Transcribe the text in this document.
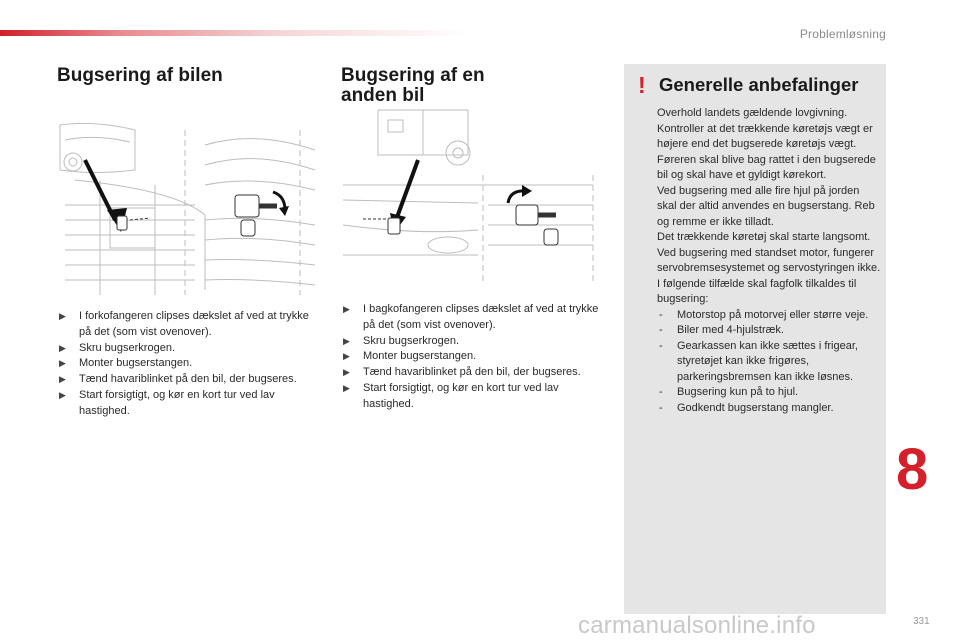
Problemløsning
Bugsering af bilen
▶ I forkofangeren clipses dækslet af ved at trykke på det (som vist ovenover).
▶ Skru bugserkrogen.
▶ Monter bugserstangen.
▶ Tænd havariblinket på den bil, der bugseres.
▶ Start forsigtigt, og kør en kort tur ved lav hastighed.
Bugsering af en anden bil
▶ I bagkofangeren clipses dækslet af ved at trykke på det (som vist ovenover).
▶ Skru bugserkrogen.
▶ Monter bugserstangen.
▶ Tænd havariblinket på den bil, der bugseres.
▶ Start forsigtigt, og kør en kort tur ved lav hastighed.
! Generelle anbefalinger

Overhold landets gældende lovgivning.

Kontroller at det trækkende køretøjs vægt er højere end det bugserede køretøjs vægt.

Føreren skal blive bag rattet i den bugserede bil og skal have et gyldigt kørekort.

Ved bugsering med alle fire hjul på jorden skal der altid anvendes en bugserstang. Reb og remme er ikke tilladt.

Det trækkende køretøj skal starte langsomt.

Ved bugsering med standset motor, fungerer servobremsesystemet og servostyringen ikke.

I følgende tilfælde skal fagfolk tilkaldes til bugsering:

- Motorstop på motorvej eller større veje.
- Biler med 4-hjulstræk.
- Gearkassen kan ikke sættes i frigear, styretøjet kan ikke frigøres, parkeringsbremsen kan ikke løsnes.
- Bugsering kun på to hjul.
- Godkendt bugserstang mangler.
8
331
carmanualsonline.info
